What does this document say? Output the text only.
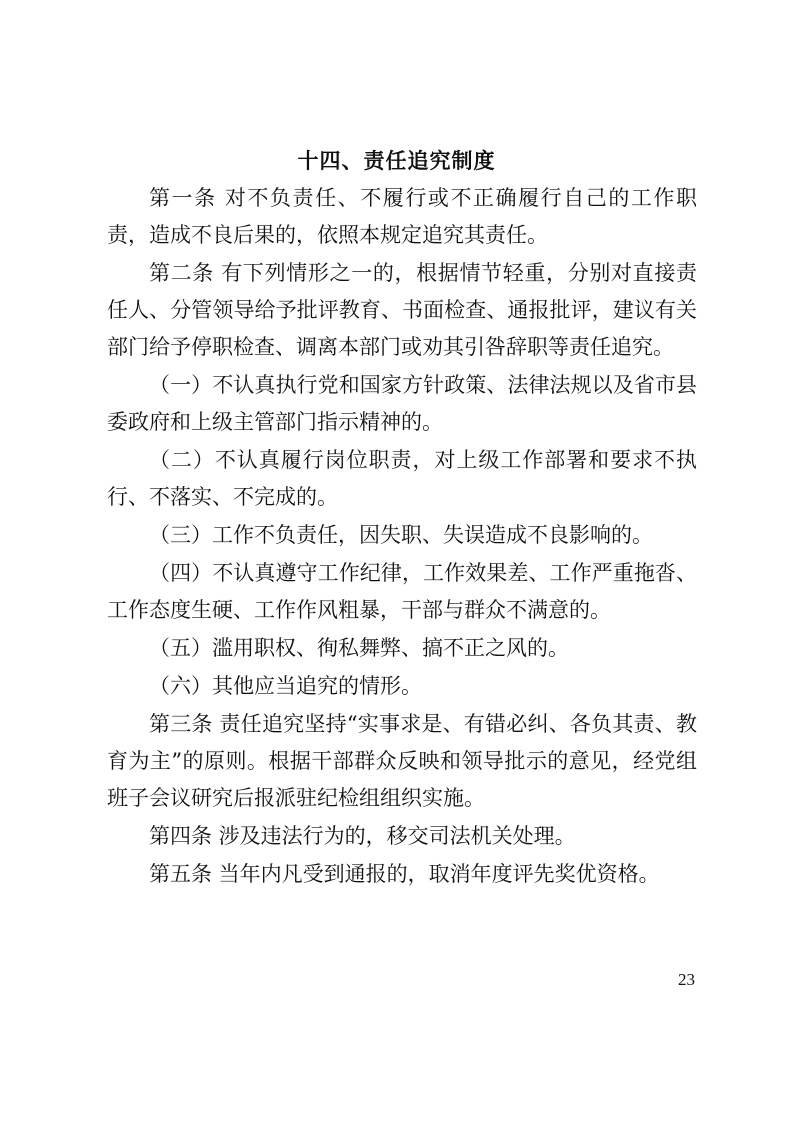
十四、责任追究制度

第一条 对不负责任、不履行或不正确履行自己的工作职责，造成不良后果的，依照本规定追究其责任。

第二条 有下列情形之一的，根据情节轻重，分别对直接责任人、分管领导给予批评教育、书面检查、通报批评，建议有关部门给予停职检查、调离本部门或劝其引咎辞职等责任追究。

（一）不认真执行党和国家方针政策、法律法规以及省市县委政府和上级主管部门指示精神的。

（二）不认真履行岗位职责，对上级工作部署和要求不执行、不落实、不完成的。

（三）工作不负责任，因失职、失误造成不良影响的。

（四）不认真遵守工作纪律，工作效果差、工作严重拖沓、工作态度生硬、工作作风粗暴，干部与群众不满意的。

（五）滥用职权、徇私舞弊、搞不正之风的。

（六）其他应当追究的情形。

第三条 责任追究坚持“实事求是、有错必纠、各负其责、教育为主”的原则。根据干部群众反映和领导批示的意见，经党组班子会议研究后报派驻纪检组组织实施。

第四条 涉及违法行为的，移交司法机关处理。

第五条 当年内凡受到通报的，取消年度评先奖优资格。

23
